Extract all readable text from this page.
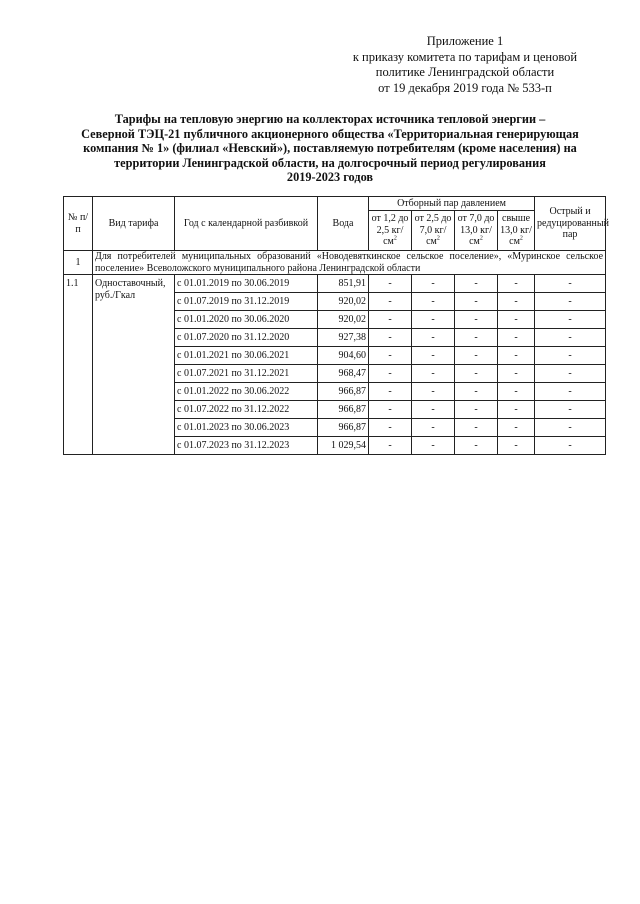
Приложение 1
к приказу комитета по тарифам и ценовой
политике Ленинградской области
от 19 декабря 2019 года № 533-п
Тарифы на тепловую энергию на коллекторах источника тепловой энергии –
Северной ТЭЦ-21 публичного акционерного общества «Территориальная генерирующая
компания № 1» (филиал «Невский»), поставляемую потребителям (кроме населения) на
территории Ленинградской области, на долгосрочный период регулирования
2019-2023 годов
№ п/п	Вид тарифа	Год с календарной разбивкой	Вода	Отборный пар давлением				Острый и редуцированный пар
				от 1,2 до 2,5 $кг/см^2$	от 2,5 до 7,0 $кг/см^2$	от 7,0 до 13,0 $кг/см^2$	свыше 13,0 $кг/см^2$
1	Для потребителей муниципальных образований «Новодевяткинское сельское поселение», «Муринское сельское поселение» Всеволожского муниципального района Ленинградской области							
1.1	Одноставочный, руб./Гкал	с 01.01.2019 по 30.06.2019	851,91	-	-	-	-	-
		с 01.07.2019 по 31.12.2019	920,02	-	-	-	-	-
		с 01.01.2020 по 30.06.2020	920,02	-	-	-	-	-
		с 01.07.2020 по 31.12.2020	927,38	-	-	-	-	-
		с 01.01.2021 по 30.06.2021	904,60	-	-	-	-	-
		с 01.07.2021 по 31.12.2021	968,47	-	-	-	-	-
		с 01.01.2022 по 30.06.2022	966,87	-	-	-	-	-
		с 01.07.2022 по 31.12.2022	966,87	-	-	-	-	-
		с 01.01.2023 по 30.06.2023	966,87	-	-	-	-	-
		с 01.07.2023 по 31.12.2023	1 029,54	-	-	-	-	-
